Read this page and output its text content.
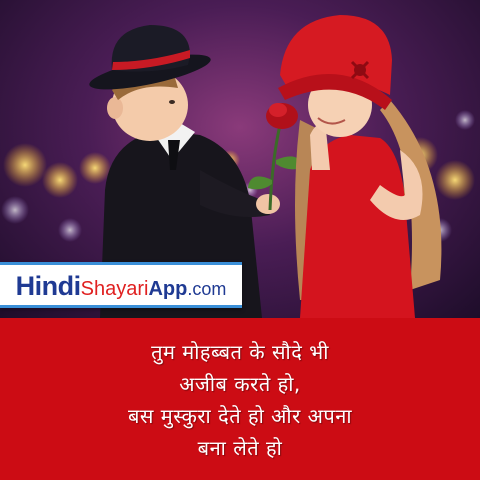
Hindi Shayari App .com
तुम मोहब्बत के सौदे भी
अजीब करते हो,
बस मुस्कुरा देते हो और अपना
बना लेते हो
